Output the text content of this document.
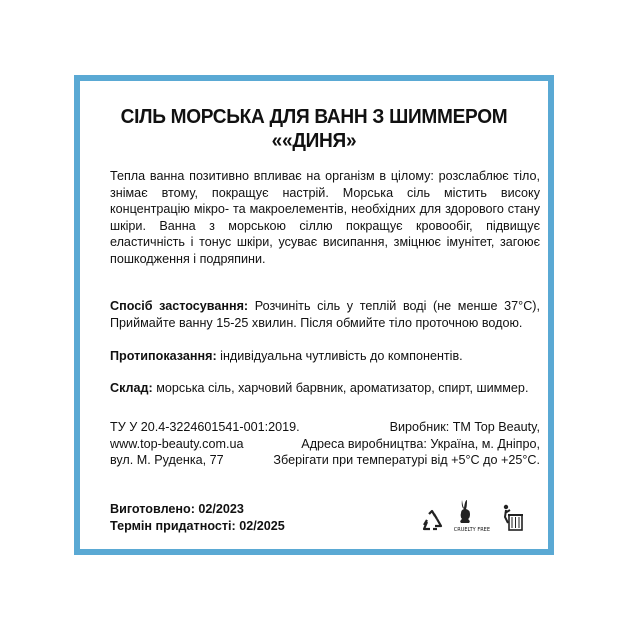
СІЛЬ МОРСЬКА ДЛЯ ВАНН З ШИММЕРОМ
««ДИНЯ»
Тепла ванна позитивно впливає на організм в цілому: розслаблює тіло, знімає втому, покращує настрій. Морська сіль містить високу концентрацію мікро- та макроелементів, необхідних для здорового стану шкіри. Ванна з морською сіллю покращує кровообіг, підвищує еластичність і тонус шкіри, усуває висипання, зміцнює імунітет, загоює пошкодження і подряпини.
Спосіб застосування: Розчиніть сіль у теплій воді (не менше 37°С), Приймайте ванну 15-25 хвилин. Після обмийте тіло проточною водою.
Протипоказання: індивідуальна чутливість до компонентів.
Склад: морська сіль, харчовий барвник, ароматизатор, спирт, шиммер.
ТУ У 20.4-3224601541-001:2019.	Виробник: ТМ Top Beauty,
www.top-beauty.com.ua	Адреса виробництва: Україна, м. Дніпро,
вул. М. Руденка, 77	Зберігати при температурі від +5°С до +25°С.
Виготовлено: 02/2023
Термін придатності: 02/2025	CRUELTY FREE
